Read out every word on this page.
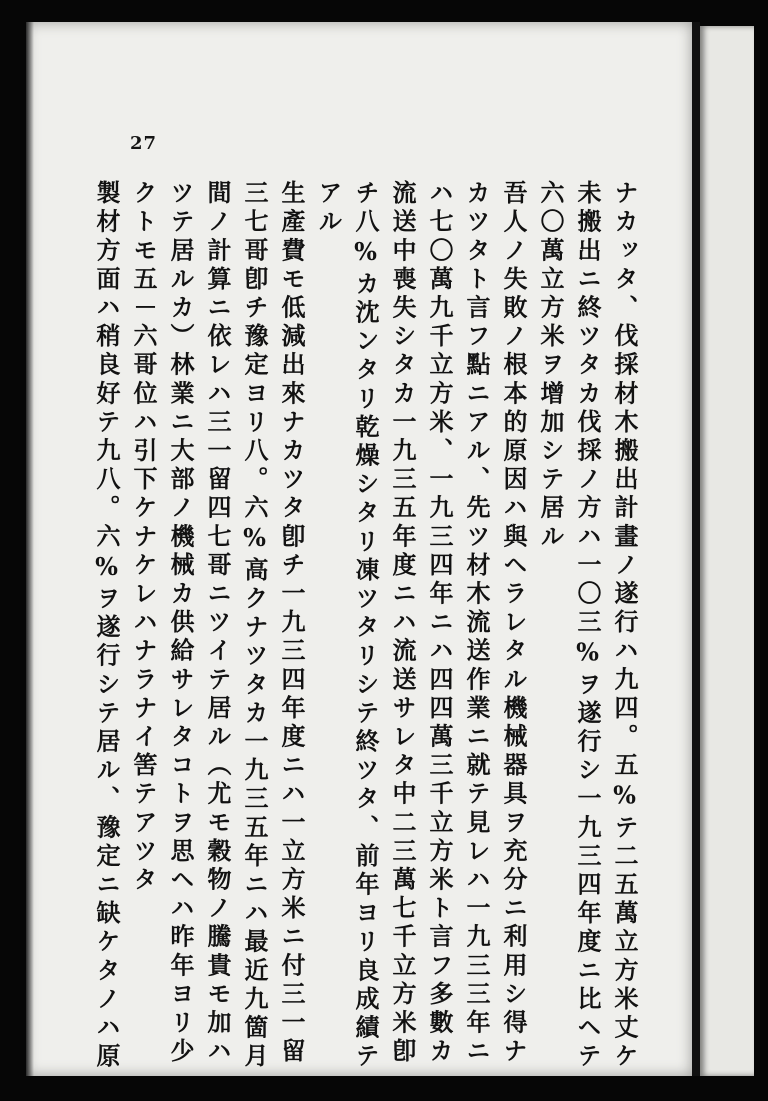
27
ナカッタ、伐採材木搬出計畫ノ遂行ハ九四。五%テ二五萬立方米丈ケ
未搬出ニ終ツタカ伐採ノ方ハ一〇三%ヲ遂行シ一九三四年度ニ比ヘテ
六〇萬立方米ヲ增加シテ居ル
吾人ノ失敗ノ根本的原因ハ與ヘラレタル機械器具ヲ充分ニ利用シ得ナ
カツタト言フ點ニアル、先ツ材木流送作業ニ就テ見レハ一九三三年ニ
ハ七〇萬九千立方米、一九三四年ニハ四四萬三千立方米ト言フ多數カ
流送中喪失シタカ一九三五年度ニハ流送サレタ中二三萬七千立方米卽
チ八%カ沈ンタリ乾燥シタリ凍ツタリシテ終ツタ、前年ヨリ良成績テ
アル
生產費モ低減出來ナカツタ卽チ一九三四年度ニハ一立方米ニ付三一留
三七哥卽チ豫定ヨリ八。六%高クナツタカ一九三五年ニハ最近九箇月
間ノ計算ニ依レハ三一留四七哥ニツイテ居ル（尤モ穀物ノ騰貴モ加ハ
ツテ居ルカ）林業ニ大部ノ機械カ供給サレタコトヲ思ヘハ昨年ヨリ少
クトモ五－六哥位ハ引下ケナケレハナラナイ筈テアツタ
製材方面ハ稍良好テ九八。六%ヲ遂行シテ居ル、豫定ニ缺ケタノハ原
